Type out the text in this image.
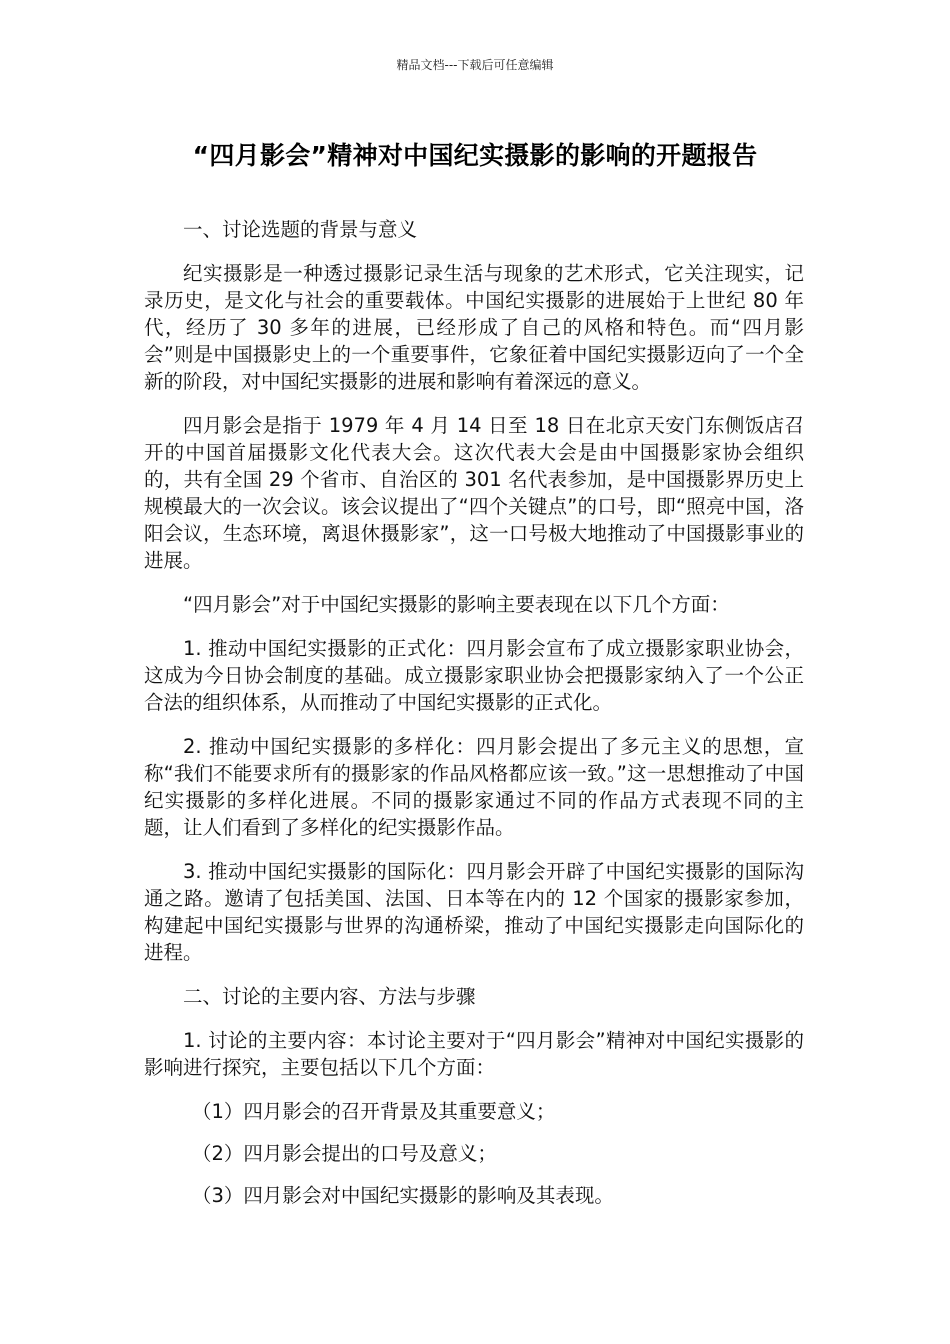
精品文档---下载后可任意编辑
“四月影会”精神对中国纪实摄影的影响的开题报告

一、讨论选题的背景与意义

纪实摄影是一种透过摄影记录生活与现象的艺术形式，它关注现实，记录历史，是文化与社会的重要载体。中国纪实摄影的进展始于上世纪 80 年代，经历了 30 多年的进展，已经形成了自己的风格和特色。而“四月影会”则是中国摄影史上的一个重要事件，它象征着中国纪实摄影迈向了一个全新的阶段，对中国纪实摄影的进展和影响有着深远的意义。

四月影会是指于 1979 年 4 月 14 日至 18 日在北京天安门东侧饭店召开的中国首届摄影文化代表大会。这次代表大会是由中国摄影家协会组织的，共有全国 29 个省市、自治区的 301 名代表参加，是中国摄影界历史上规模最大的一次会议。该会议提出了“四个关键点”的口号，即“照亮中国，洛阳会议，生态环境，离退休摄影家”，这一口号极大地推动了中国摄影事业的进展。

“四月影会”对于中国纪实摄影的影响主要表现在以下几个方面：

1. 推动中国纪实摄影的正式化：四月影会宣布了成立摄影家职业协会，这成为今日协会制度的基础。成立摄影家职业协会把摄影家纳入了一个公正合法的组织体系，从而推动了中国纪实摄影的正式化。

2. 推动中国纪实摄影的多样化：四月影会提出了多元主义的思想，宣称“我们不能要求所有的摄影家的作品风格都应该一致。”这一思想推动了中国纪实摄影的多样化进展。不同的摄影家通过不同的作品方式表现不同的主题，让人们看到了多样化的纪实摄影作品。

3. 推动中国纪实摄影的国际化：四月影会开辟了中国纪实摄影的国际沟通之路。邀请了包括美国、法国、日本等在内的 12 个国家的摄影家参加，构建起中国纪实摄影与世界的沟通桥梁，推动了中国纪实摄影走向国际化的进程。

二、讨论的主要内容、方法与步骤

1. 讨论的主要内容：本讨论主要对于“四月影会”精神对中国纪实摄影的影响进行探究，主要包括以下几个方面：

（1）四月影会的召开背景及其重要意义；

（2）四月影会提出的口号及意义；

（3）四月影会对中国纪实摄影的影响及其表现。
